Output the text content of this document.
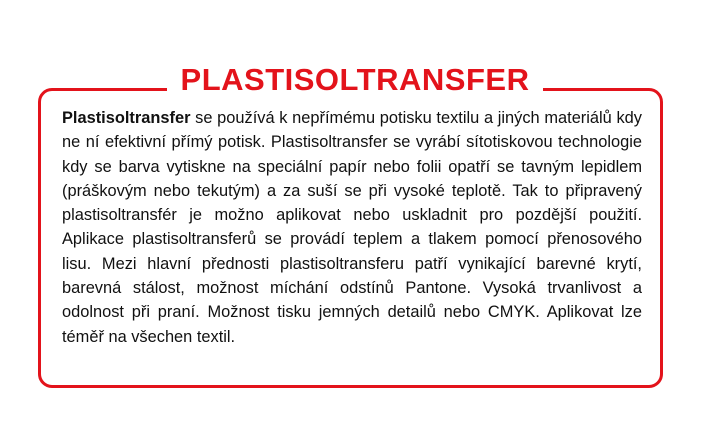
PLASTISOLTRANSFER

Plastisoltransfer se používá k nepřímému potisku textilu a jiných materiálů kdy ne ní efektivní přímý potisk. Plastisoltransfer se vyrábí sítotiskovou technologie kdy se barva vytiskne na speciální papír nebo folii opatří se tavným lepidlem (práškovým nebo tekutým) a za suší se při vysoké teplotě. Tak to připravený plastisoltransfér je možno aplikovat nebo uskladnit pro pozdější použití. Aplikace plastisoltransferů se provádí teplem a tlakem pomocí přenosového lisu. Mezi hlavní přednosti plastisoltransferu patří vynikající barevné krytí, barevná stálost, možnost míchání odstínů Pantone. Vysoká trvanlivost a odolnost při praní. Možnost tisku jemných detailů nebo CMYK. Aplikovat lze téměř na všechen textil.
